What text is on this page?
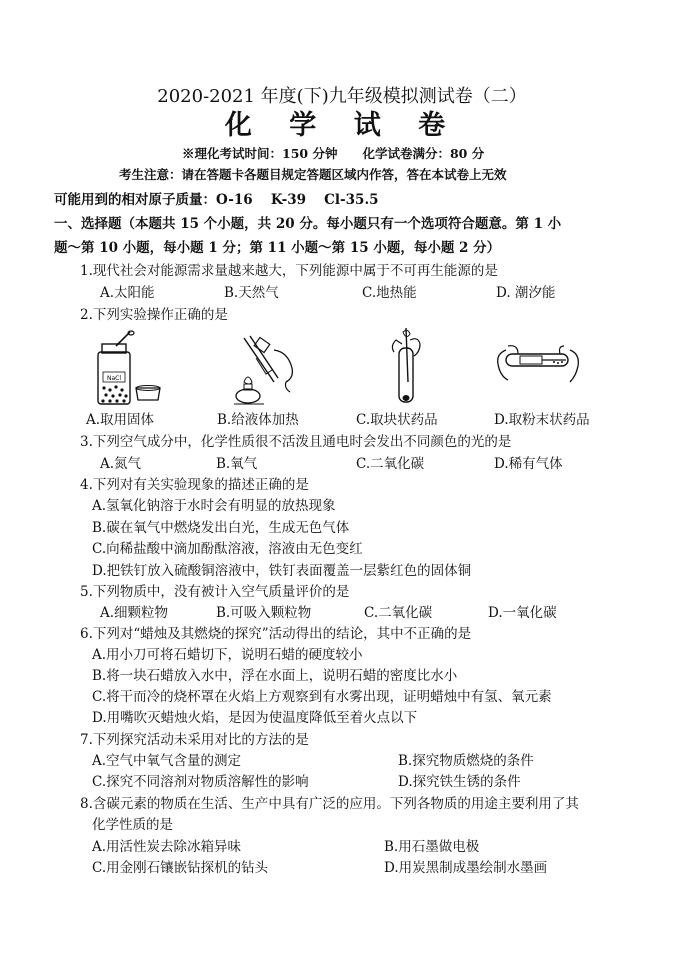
2020-2021 年度(下)九年级模拟测试卷（二）
化 学 试 卷
※理化考试时间：150 分钟　　化学试卷满分：80 分
考生注意：请在答题卡各题目规定答题区域内作答，答在本试卷上无效
可能用到的相对原子质量：O-16　 K-39　 Cl-35.5
一、选择题（本题共 15 个小题，共 20 分。每小题只有一个选项符合题意。第 1 小
题～第 10 小题，每小题 1 分；第 11 小题～第 15 小题，每小题 2 分）
1.现代社会对能源需求量越来越大，下列能源中属于不可再生能源的是
A.太阳能	B.天然气	C.地热能	D. 潮汐能
2.下列实验操作正确的是
NaCl
A.取用固体	B.给液体加热	C.取块状药品	D.取粉末状药品
3.下列空气成分中，化学性质很不活泼且通电时会发出不同颜色的光的是
A.氮气	B.氧气	C.二氧化碳	D.稀有气体
4.下列对有关实验现象的描述正确的是
A.氢氧化钠溶于水时会有明显的放热现象
B.碳在氧气中燃烧发出白光，生成无色气体
C.向稀盐酸中滴加酚酞溶液，溶液由无色变红
D.把铁钉放入硫酸铜溶液中，铁钉表面覆盖一层紫红色的固体铜
5.下列物质中，没有被计入空气质量评价的是
A.细颗粒物	B.可吸入颗粒物	C.二氧化碳	D.一氧化碳
6.下列对“蜡烛及其燃烧的探究”活动得出的结论，其中不正确的是
A.用小刀可将石蜡切下，说明石蜡的硬度较小
B.将一块石蜡放入水中，浮在水面上，说明石蜡的密度比水小
C.将干而冷的烧杯罩在火焰上方观察到有水雾出现，证明蜡烛中有氢、氧元素
D.用嘴吹灭蜡烛火焰，是因为使温度降低至着火点以下
7.下列探究活动未采用对比的方法的是
A.空气中氧气含量的测定	B.探究物质燃烧的条件
C.探究不同溶剂对物质溶解性的影响	D.探究铁生锈的条件
8.含碳元素的物质在生活、生产中具有广泛的应用。下列各物质的用途主要利用了其
化学性质的是
A.用活性炭去除冰箱异味	B.用石墨做电极
C.用金刚石镶嵌钻探机的钻头	D.用炭黑制成墨绘制水墨画
